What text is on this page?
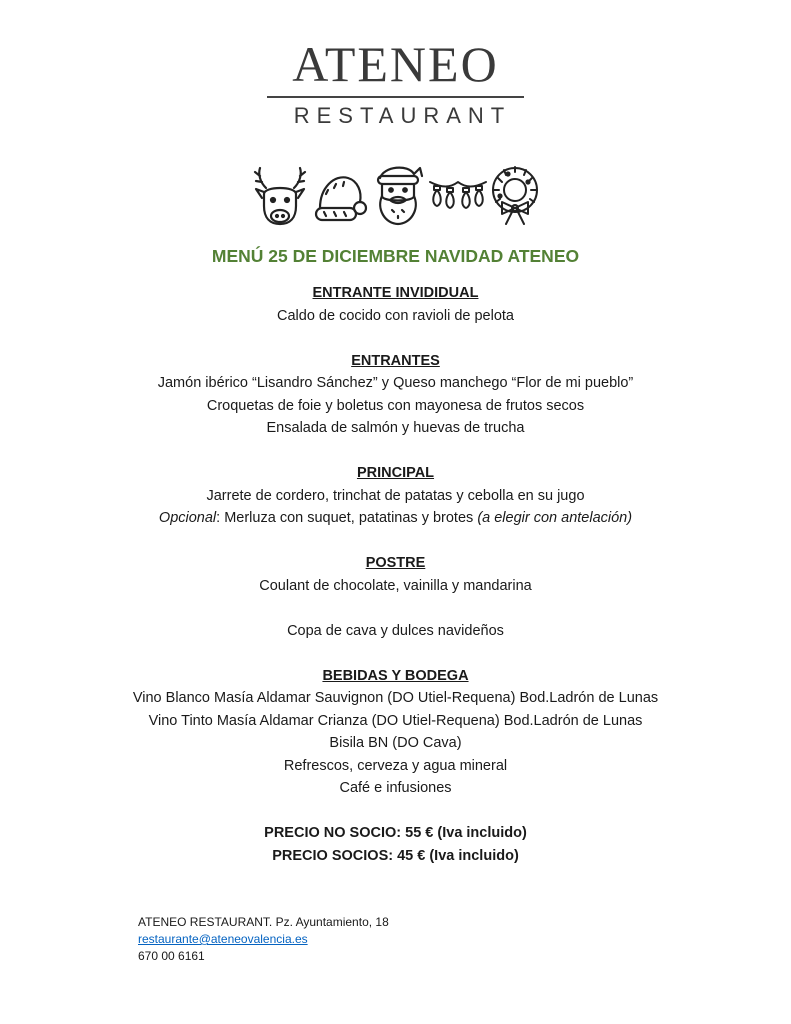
ATENEO
RESTAURANT
MENÚ 25 DE DICIEMBRE NAVIDAD ATENEO
ENTRANTE INVIDIDUAL
Caldo de cocido con ravioli de pelota
ENTRANTES
Jamón ibérico “Lisandro Sánchez” y Queso manchego “Flor de mi pueblo”
Croquetas de foie y boletus con mayonesa de frutos secos
Ensalada de salmón y huevas de trucha
PRINCIPAL
Jarrete de cordero, trinchat de patatas y cebolla en su jugo
Opcional: Merluza con suquet, patatinas y brotes (a elegir con antelación)
POSTRE
Coulant de chocolate, vainilla y mandarina
Copa de cava y dulces navideños
BEBIDAS Y BODEGA
Vino Blanco Masía Aldamar Sauvignon (DO Utiel-Requena) Bod.Ladrón de Lunas
Vino Tinto Masía Aldamar Crianza (DO Utiel-Requena) Bod.Ladrón de Lunas
Bisila BN (DO Cava)
Refrescos, cerveza y agua mineral
Café e infusiones
PRECIO NO SOCIO: 55 € (Iva incluido)
PRECIO SOCIOS: 45 € (Iva incluido)
ATENEO RESTAURANT. Pz. Ayuntamiento, 18
restaurante@ateneovalencia.es
670 00 6161
